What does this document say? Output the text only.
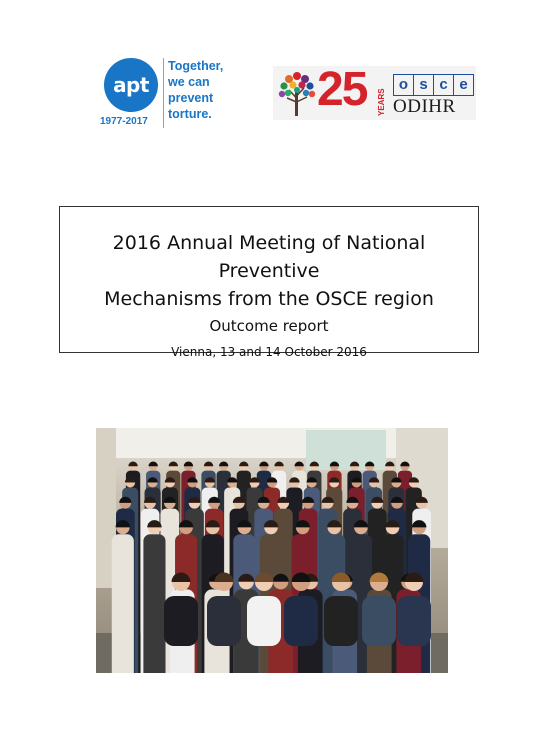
apt
1977-2017
Together,
we can
prevent
torture. 25 YEARS
o s c e
ODIHR
2016 Annual Meeting of National Preventive
Mechanisms from the OSCE region
Outcome report
Vienna, 13 and 14 October 2016
